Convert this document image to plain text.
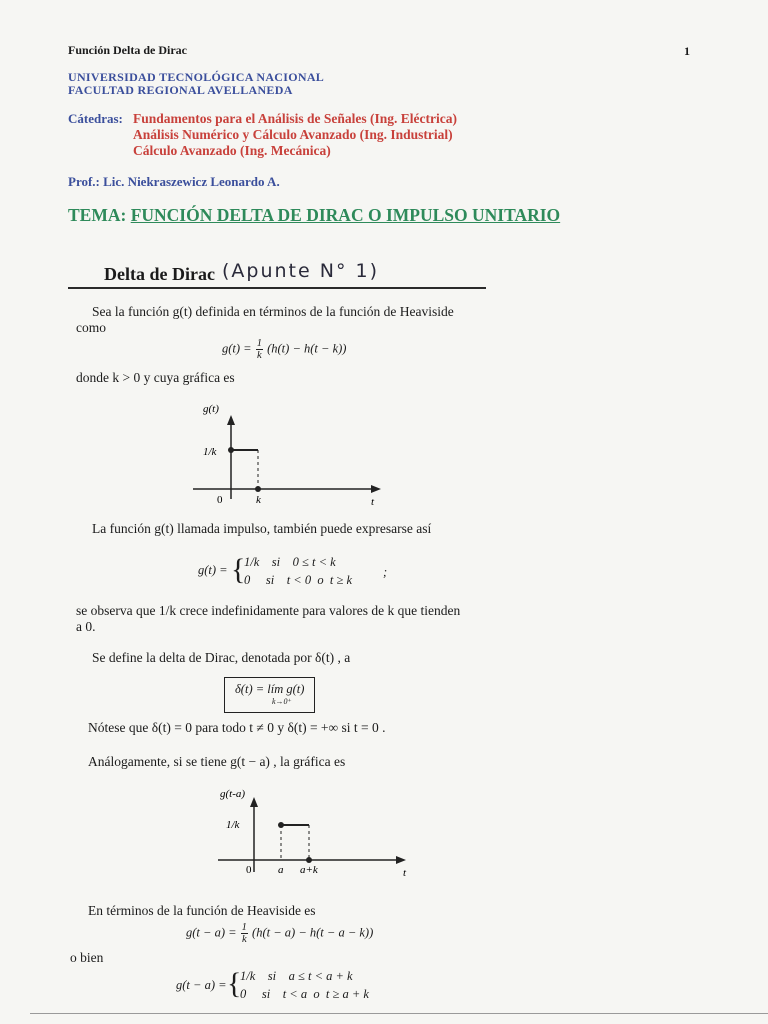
Función Delta de Dirac	1
UNIVERSIDAD TECNOLÓGICA NACIONAL
FACULTAD REGIONAL AVELLANEDA
Cátedras: Fundamentos para el Análisis de Señales (Ing. Eléctrica)
Análisis Numérico y Cálculo Avanzado (Ing. Industrial)
Cálculo Avanzado (Ing. Mecánica)
Prof.: Lic. Niekraszewicz Leonardo A.
TEMA: FUNCIÓN DELTA DE DIRAC O IMPULSO UNITARIO
Delta de Dirac (Apunte N° 1)
Sea la función g(t) definida en términos de la función de Heaviside
como
$g(t) = \frac{1}{k} (h(t) - h(t - k))$
donde k > 0 y cuya gráfica es
g(t)
1/k
0	k	t
La función g(t) llamada impulso, también puede expresarse así
g(t) = {
1/k    si    0 ≤ t < k
0     si    t < 0  o  t ≥ k
;
se observa que 1/k crece indefinidamente para valores de k que tienden
a 0.
Se define la delta de Dirac, denotada por δ(t) , a
δ(t) = lím g(t)
k→0⁺
Nótese que δ(t) = 0 para todo t ≠ 0 y δ(t) = +∞ si t = 0 .
Análogamente, si se tiene g(t − a) , la gráfica es
g(t-a)
1/k
0 a a+k	t
En términos de la función de Heaviside es
$g(t - a) = \frac{1}{k} (h(t - a) - h(t - a - k))$
o bien
g(t − a) = {
1/k    si    a ≤ t < a + k
0     si    t < a  o  t ≥ a + k
